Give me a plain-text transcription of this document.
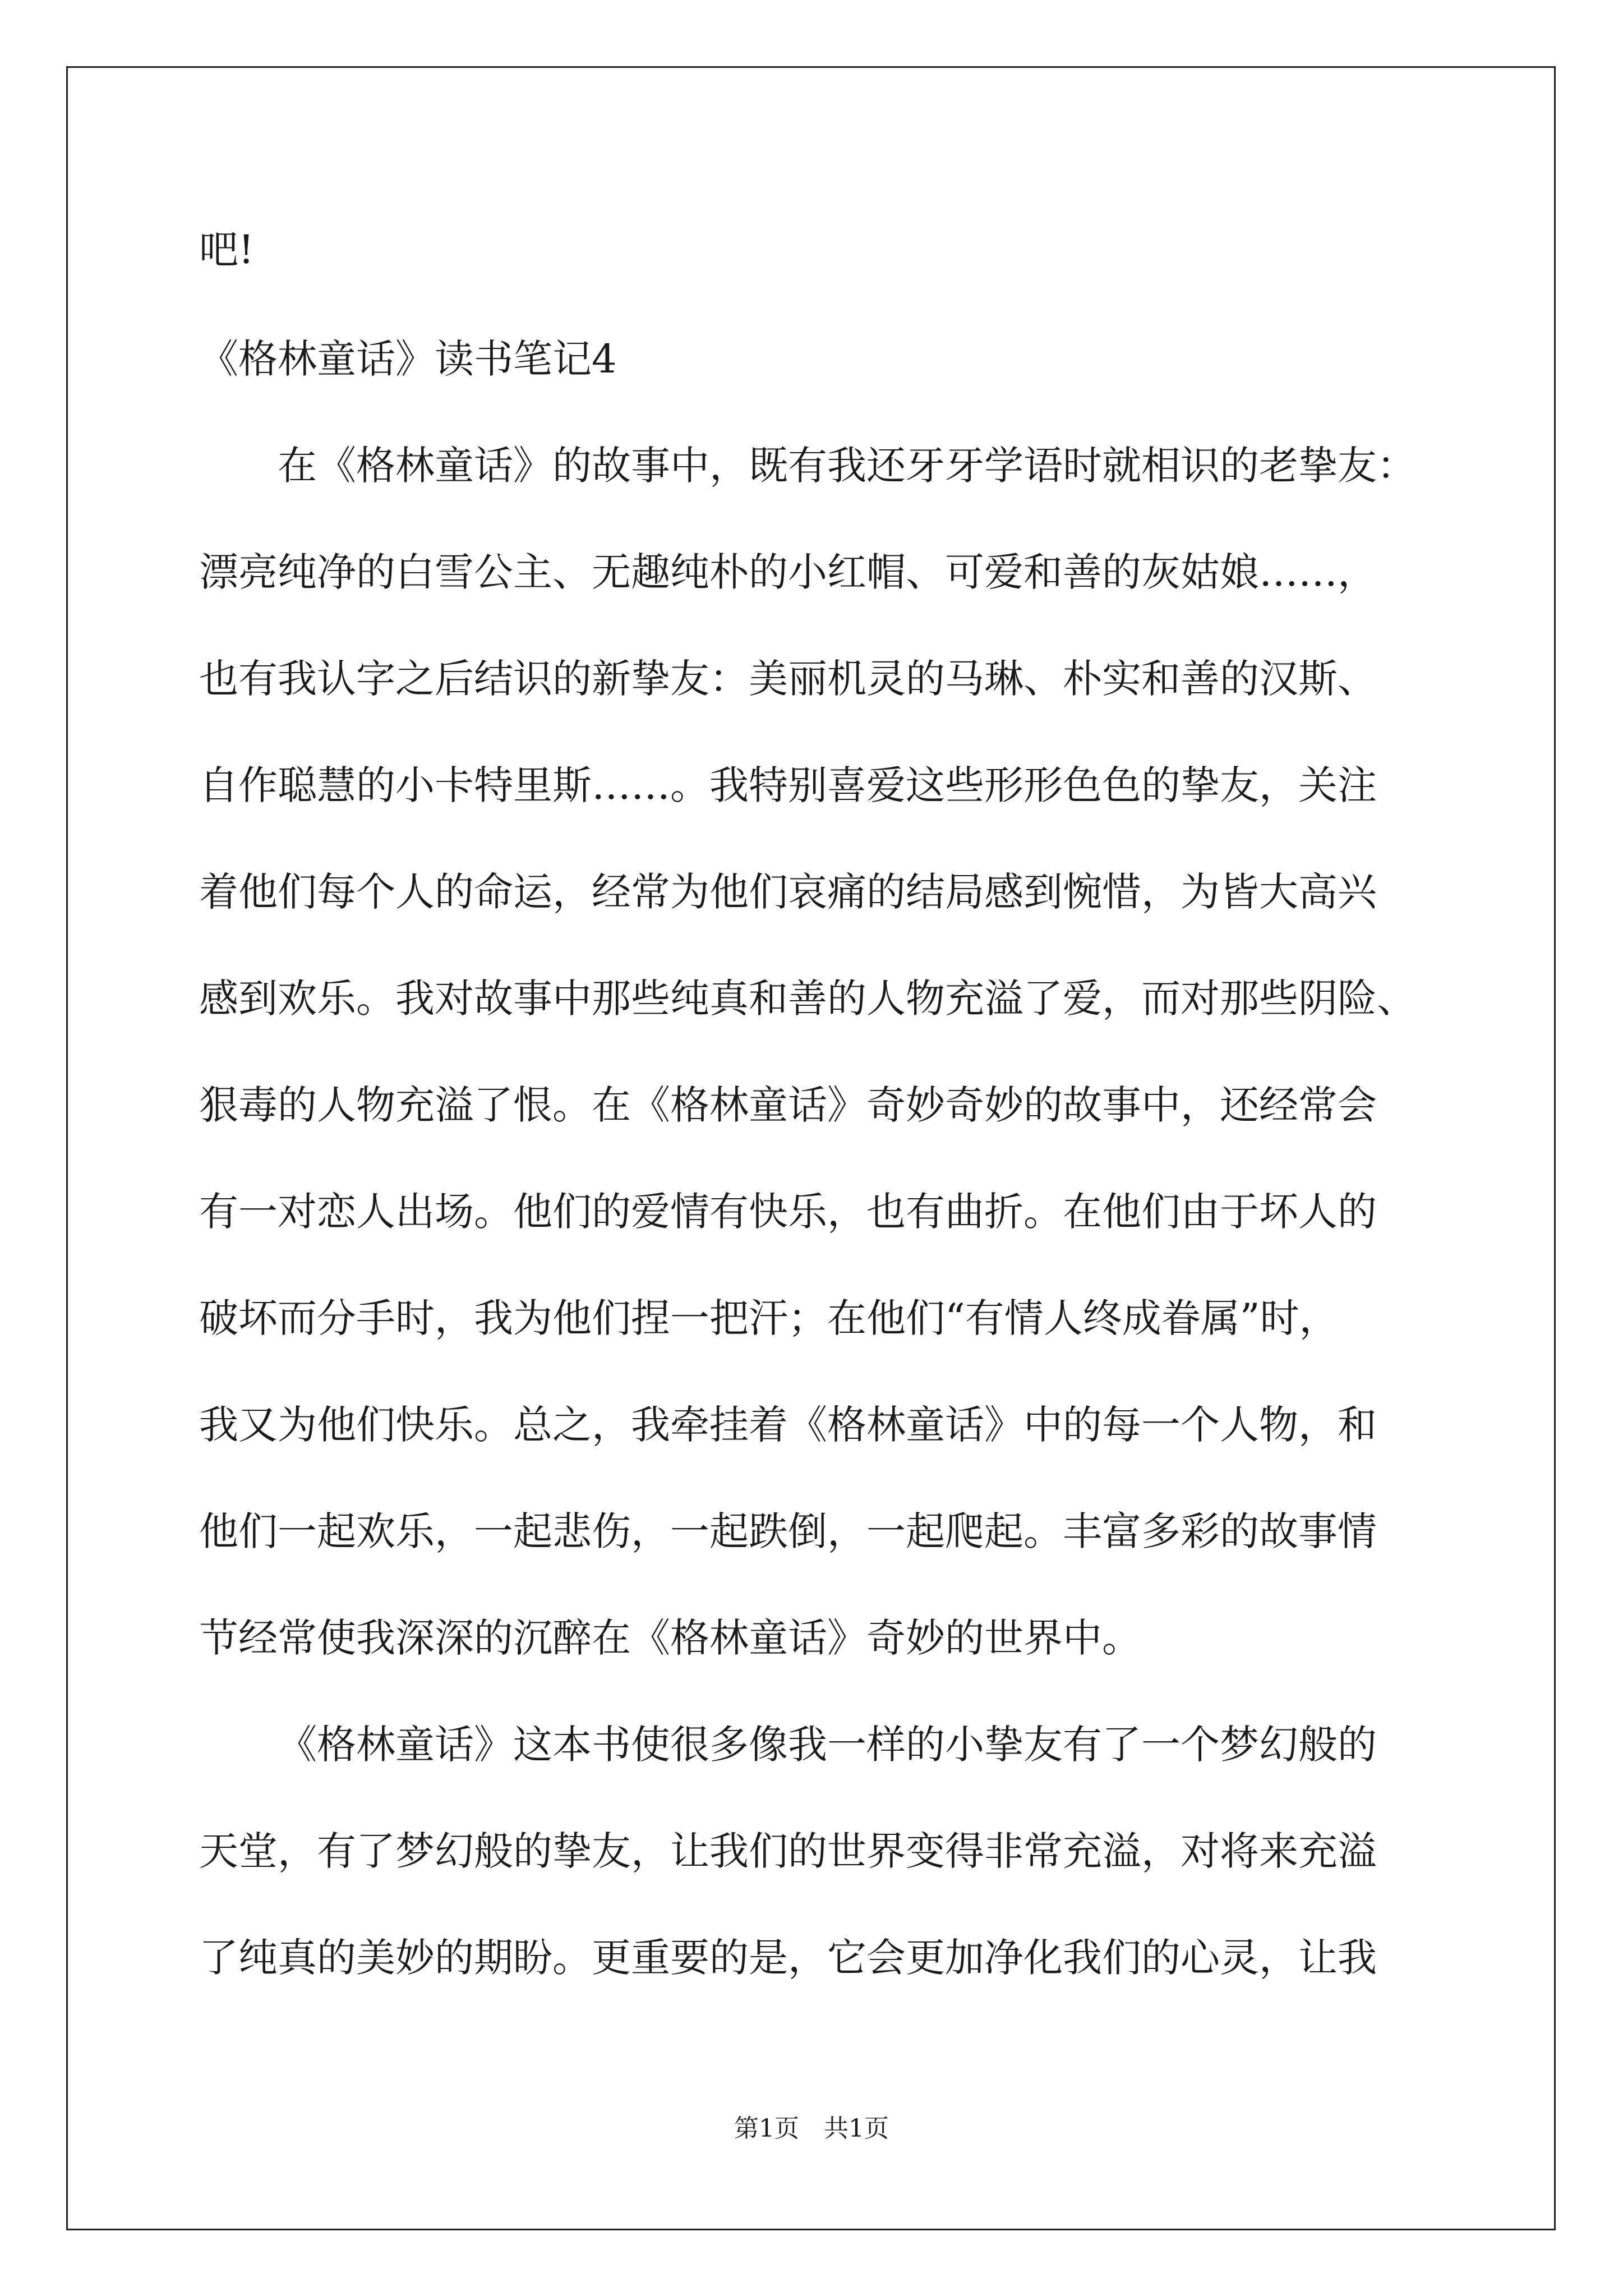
吧!
《格林童话》读书笔记4
在《格林童话》的故事中，既有我还牙牙学语时就相识的老挚友：
漂亮纯净的白雪公主、无趣纯朴的小红帽、可爱和善的灰姑娘……，
也有我认字之后结识的新挚友：美丽机灵的马琳、朴实和善的汉斯、
自作聪慧的小卡特里斯……。我特别喜爱这些形形色色的挚友，关注
着他们每个人的命运，经常为他们哀痛的结局感到惋惜，为皆大高兴
感到欢乐。我对故事中那些纯真和善的人物充溢了爱，而对那些阴险、
狠毒的人物充溢了恨。在《格林童话》奇妙奇妙的故事中，还经常会
有一对恋人出场。他们的爱情有快乐，也有曲折。在他们由于坏人的
破坏而分手时，我为他们捏一把汗；在他们“有情人终成眷属”时，
我又为他们快乐。总之，我牵挂着《格林童话》中的每一个人物，和
他们一起欢乐，一起悲伤，一起跌倒，一起爬起。丰富多彩的故事情
节经常使我深深的沉醉在《格林童话》奇妙的世界中。
《格林童话》这本书使很多像我一样的小挚友有了一个梦幻般的
天堂，有了梦幻般的挚友，让我们的世界变得非常充溢，对将来充溢
了纯真的美妙的期盼。更重要的是，它会更加净化我们的心灵，让我
第1页　共1页
